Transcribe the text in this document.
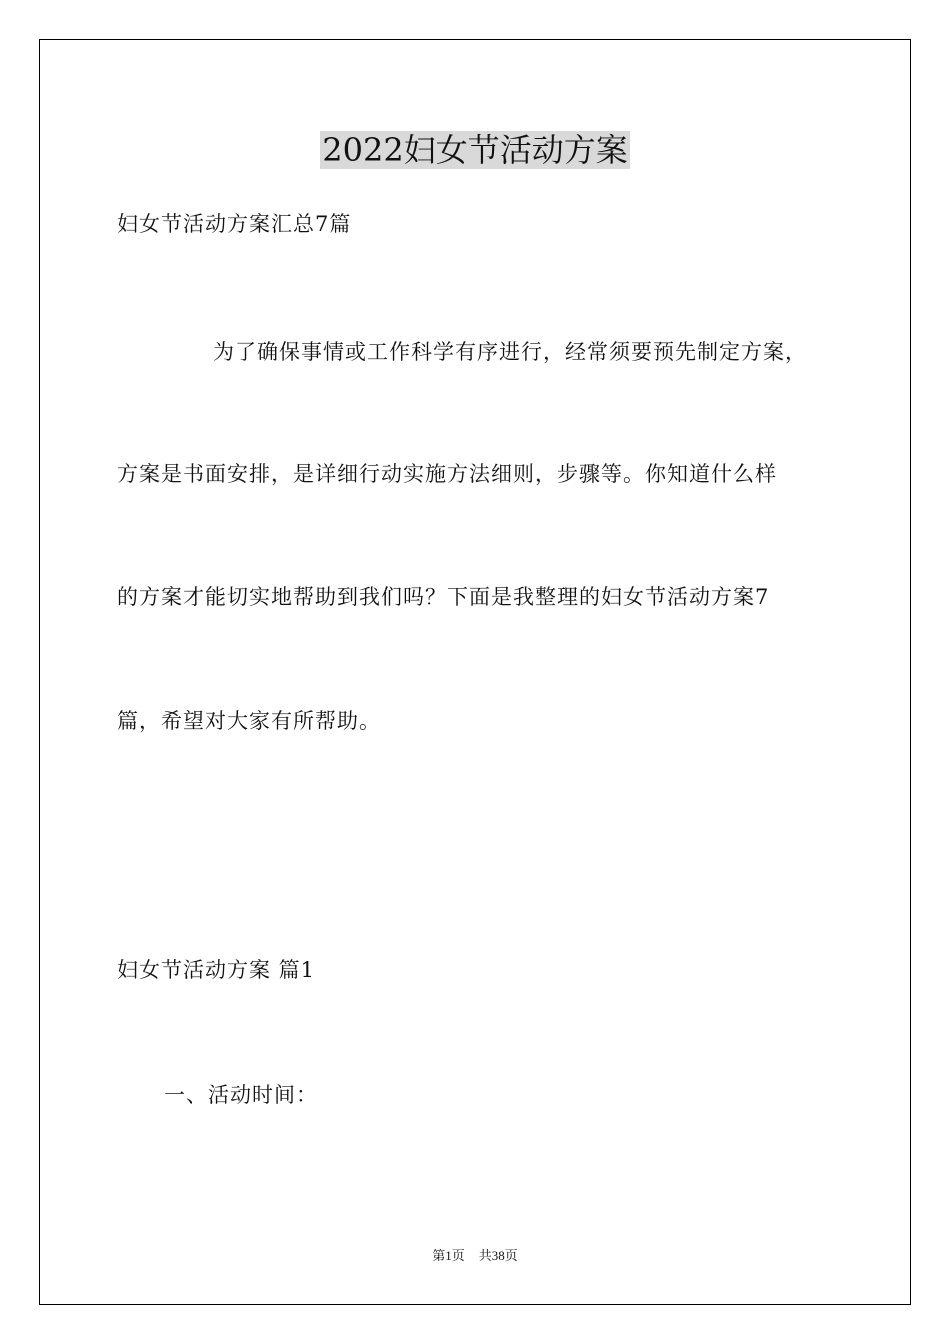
2022妇女节活动方案
妇女节活动方案汇总7篇
为了确保事情或工作科学有序进行，经常须要预先制定方案，
方案是书面安排，是详细行动实施方法细则，步骤等。你知道什么样
的方案才能切实地帮助到我们吗？下面是我整理的妇女节活动方案7
篇，希望对大家有所帮助。
妇女节活动方案 篇1
一、活动时间：
第1页 共38页
